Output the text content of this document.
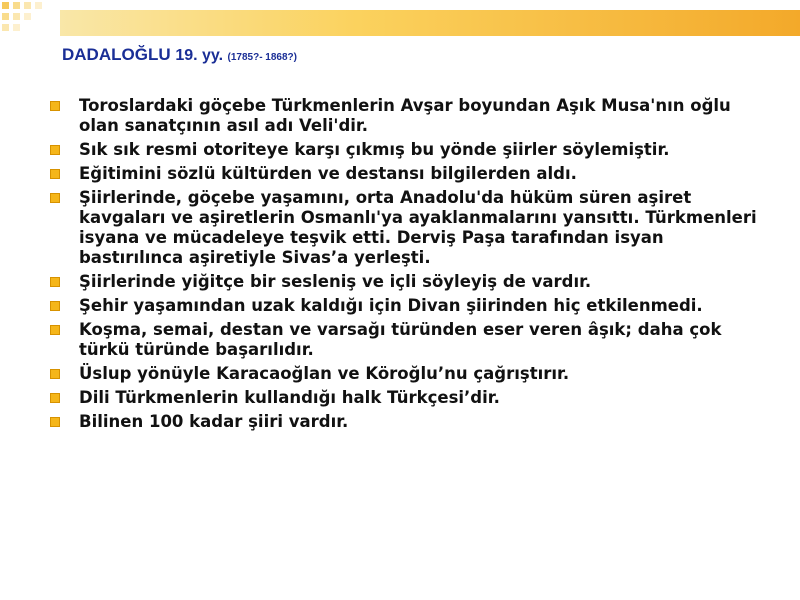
DADALOĞLU 19. yy. (1785?- 1868?)
Toroslardaki göçebe Türkmenlerin Avşar boyundan Aşık Musa'nın oğlu olan sanatçının asıl adı Veli'dir.
Sık sık resmi otoriteye karşı çıkmış bu yönde şiirler söylemiştir.
Eğitimini sözlü kültürden ve destansı bilgilerden aldı.
Şiirlerinde, göçebe yaşamını, orta Anadolu'da hüküm süren aşiret kavgaları ve aşiretlerin Osmanlı'ya ayaklanmalarını yansıttı. Türkmenleri isyana ve mücadeleye teşvik etti. Derviş Paşa tarafından isyan bastırılınca aşiretiyle Sivas’a yerleşti.
Şiirlerinde yiğitçe bir sesleniş ve içli söyleyiş de vardır.
Şehir yaşamından uzak kaldığı için Divan şiirinden hiç etkilenmedi.
Koşma, semai, destan ve varsağı türünden eser veren âşık; daha çok türkü türünde başarılıdır.
Üslup yönüyle Karacaoğlan ve Köroğlu’nu çağrıştırır.
Dili Türkmenlerin kullandığı halk Türkçesi’dir.
Bilinen 100 kadar şiiri vardır.
